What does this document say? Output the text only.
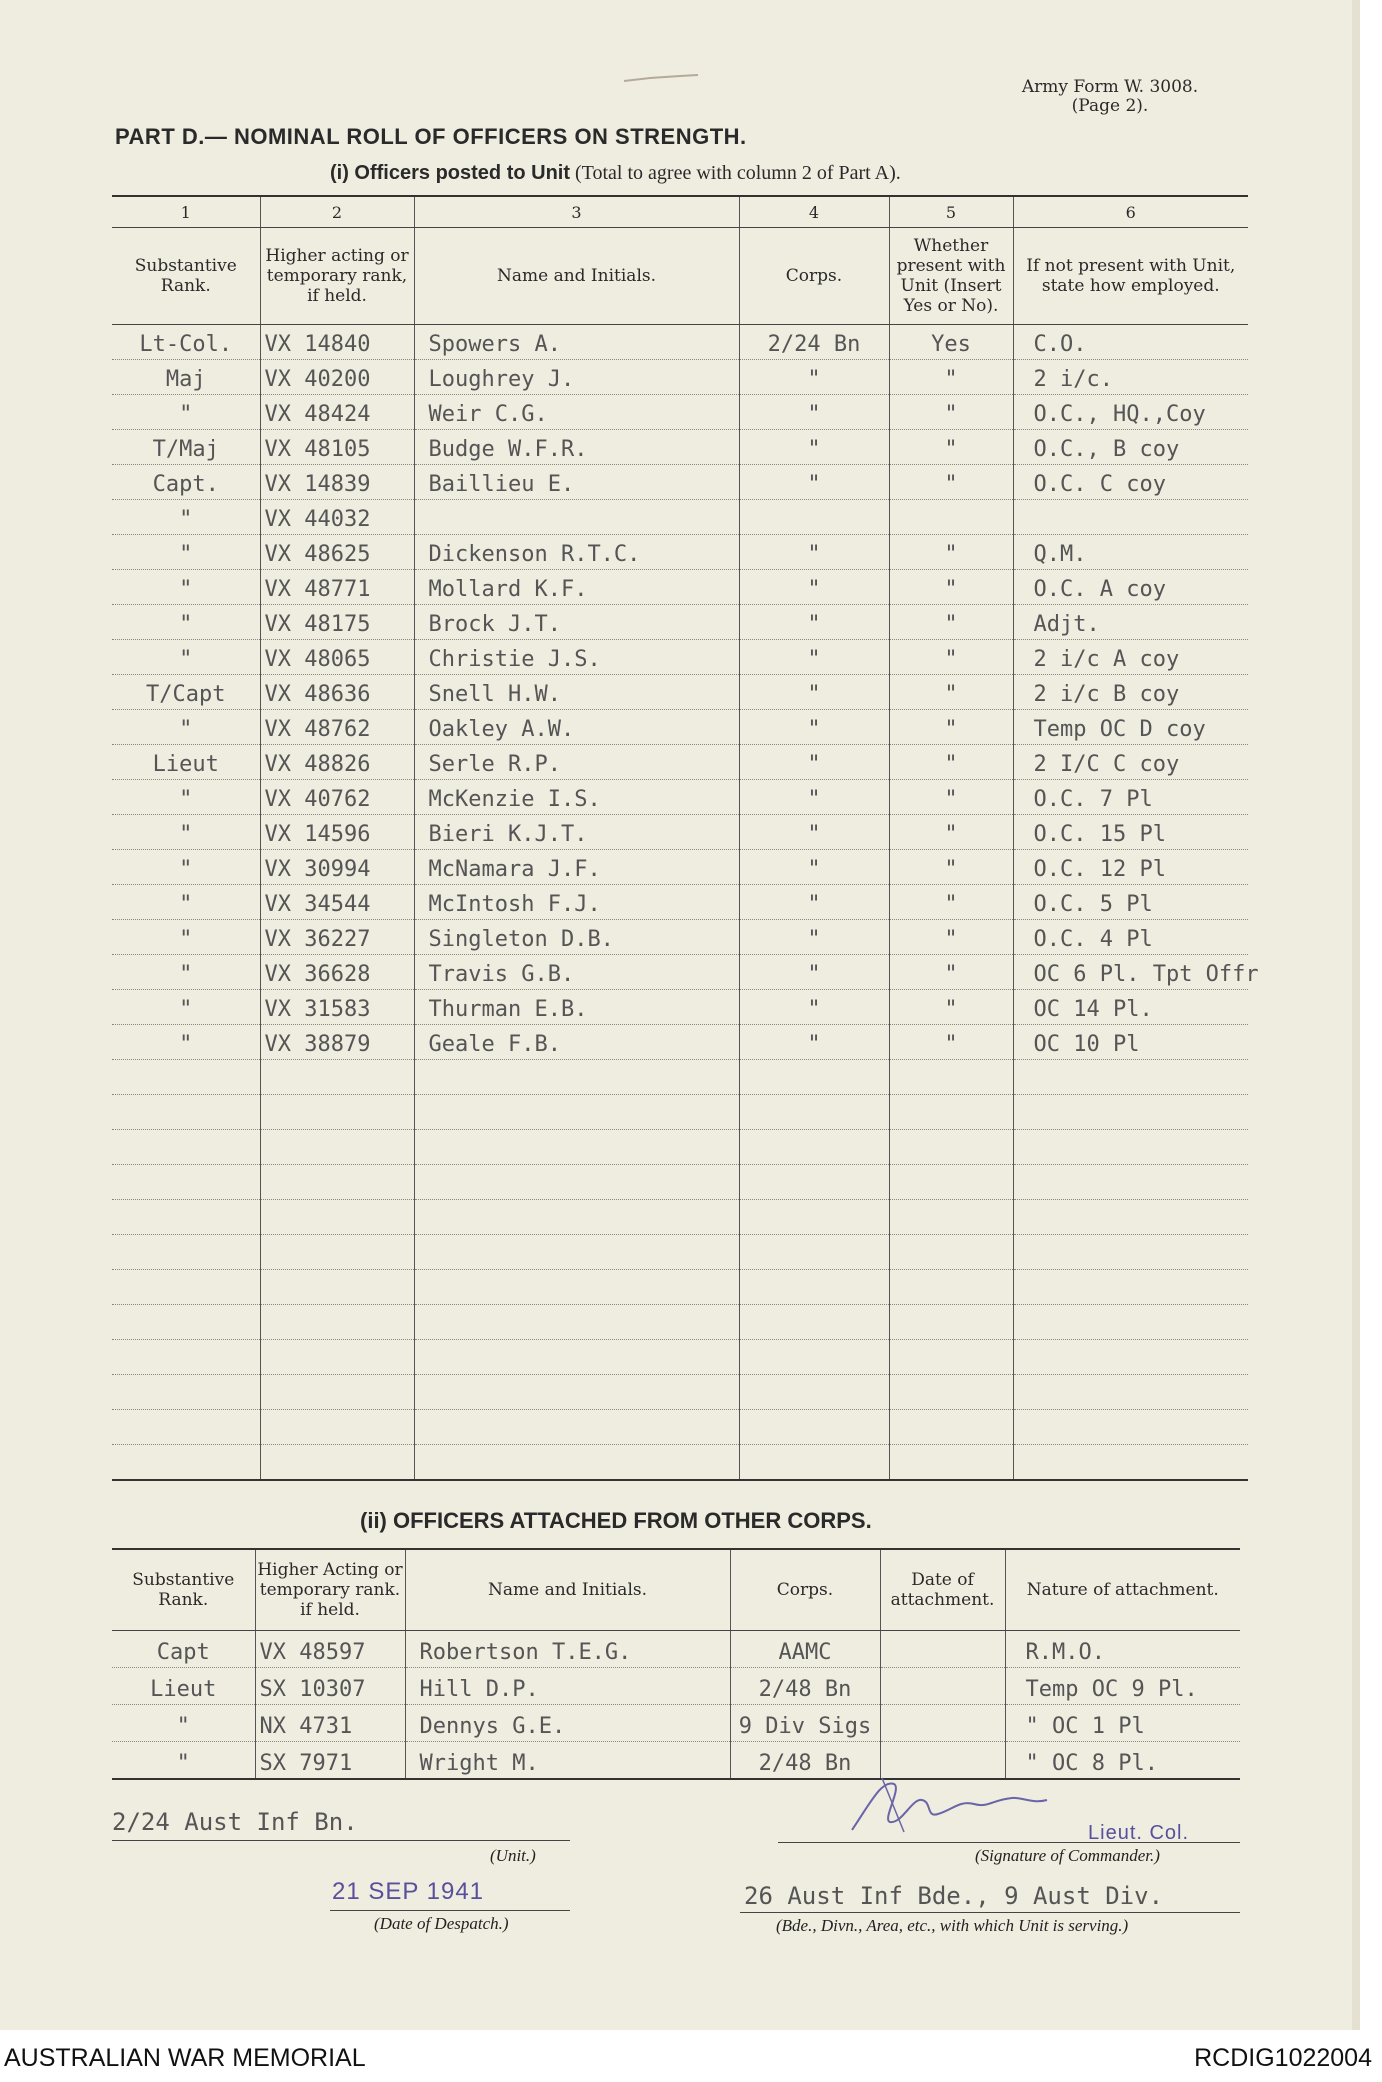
Army Form W. 3008.
(Page 2).
PART D.— NOMINAL ROLL OF OFFICERS ON STRENGTH.
(i) Officers posted to Unit (Total to agree with column 2 of Part A).
1	2	3	4	5	6
Substantive Rank.	Higher acting or temporary rank, if held.	Name and Initials.	Corps.	Whether present with Unit (Insert Yes or No).	If not present with Unit, state how employed.
Lt-Col.	VX 14840	Spowers A.	2/24 Bn	Yes	C.O.
Maj	VX 40200	Loughrey J.	"	"	2 i/c.
"	VX 48424	Weir C.G.	"	"	O.C., HQ.,Coy
T/Maj	VX 48105	Budge W.F.R.	"	"	O.C., B coy
Capt.	VX 14839	Baillieu E.	"	"	O.C. C coy
"	VX 44032				
"	VX 48625	Dickenson R.T.C.	"	"	Q.M.
"	VX 48771	Mollard K.F.	"	"	O.C. A coy
"	VX 48175	Brock J.T.	"	"	Adjt.
"	VX 48065	Christie J.S.	"	"	2 i/c A coy
T/Capt	VX 48636	Snell H.W.	"	"	2 i/c B coy
"	VX 48762	Oakley A.W.	"	"	Temp OC D coy
Lieut	VX 48826	Serle R.P.	"	"	2 I/C C coy
"	VX 40762	McKenzie I.S.	"	"	O.C. 7 Pl
"	VX 14596	Bieri K.J.T.	"	"	O.C. 15 Pl
"	VX 30994	McNamara J.F.	"	"	O.C. 12 Pl
"	VX 34544	McIntosh F.J.	"	"	O.C. 5 Pl
"	VX 36227	Singleton D.B.	"	"	O.C. 4 Pl
"	VX 36628	Travis G.B.	"	"	OC 6 Pl. Tpt Offr
"	VX 31583	Thurman E.B.	"	"	OC 14 Pl.
"	VX 38879	Geale F.B.	"	"	OC 10 Pl

(ii) OFFICERS ATTACHED FROM OTHER CORPS.
Substantive Rank.	Higher Acting or temporary rank. if held.	Name and Initials.	Corps.	Date of attachment.	Nature of attachment.
Capt	VX 48597	Robertson T.E.G.	AAMC		R.M.O.
Lieut	SX 10307	Hill D.P.	2/48 Bn		Temp OC 9 Pl.
"	NX 4731	Dennys G.E.	9 Div Sigs		" OC 1 Pl
"	SX 7971	Wright M.	2/48 Bn		" OC 8 Pl.
2/24 Aust Inf Bn.
(Unit.)
Lieut. Col.
(Signature of Commander.)
21 SEP 1941
(Date of Despatch.)
26 Aust Inf Bde., 9 Aust Div.
(Bde., Divn., Area, etc., with which Unit is serving.)
AUSTRALIAN WAR MEMORIAL	RCDIG1022004
